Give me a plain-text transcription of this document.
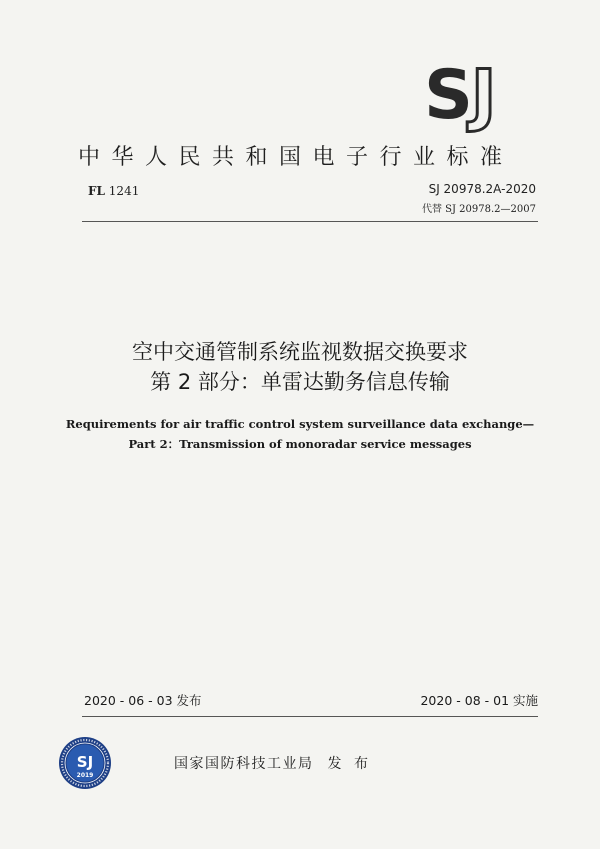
SJ
中华人民共和国电子行业标准
FL 1241	SJ 20978.2A-2020
代替 SJ 20978.2—2007
空中交通管制系统监视数据交换要求
第 2 部分：单雷达勤务信息传输
Requirements for air traffic control system surveillance data exchange—
Part 2：Transmission of monoradar service messages
2020 - 06 - 03 发布	2020 - 08 - 01 实施
SJ
2019
国家国防科技工业局 发 布
